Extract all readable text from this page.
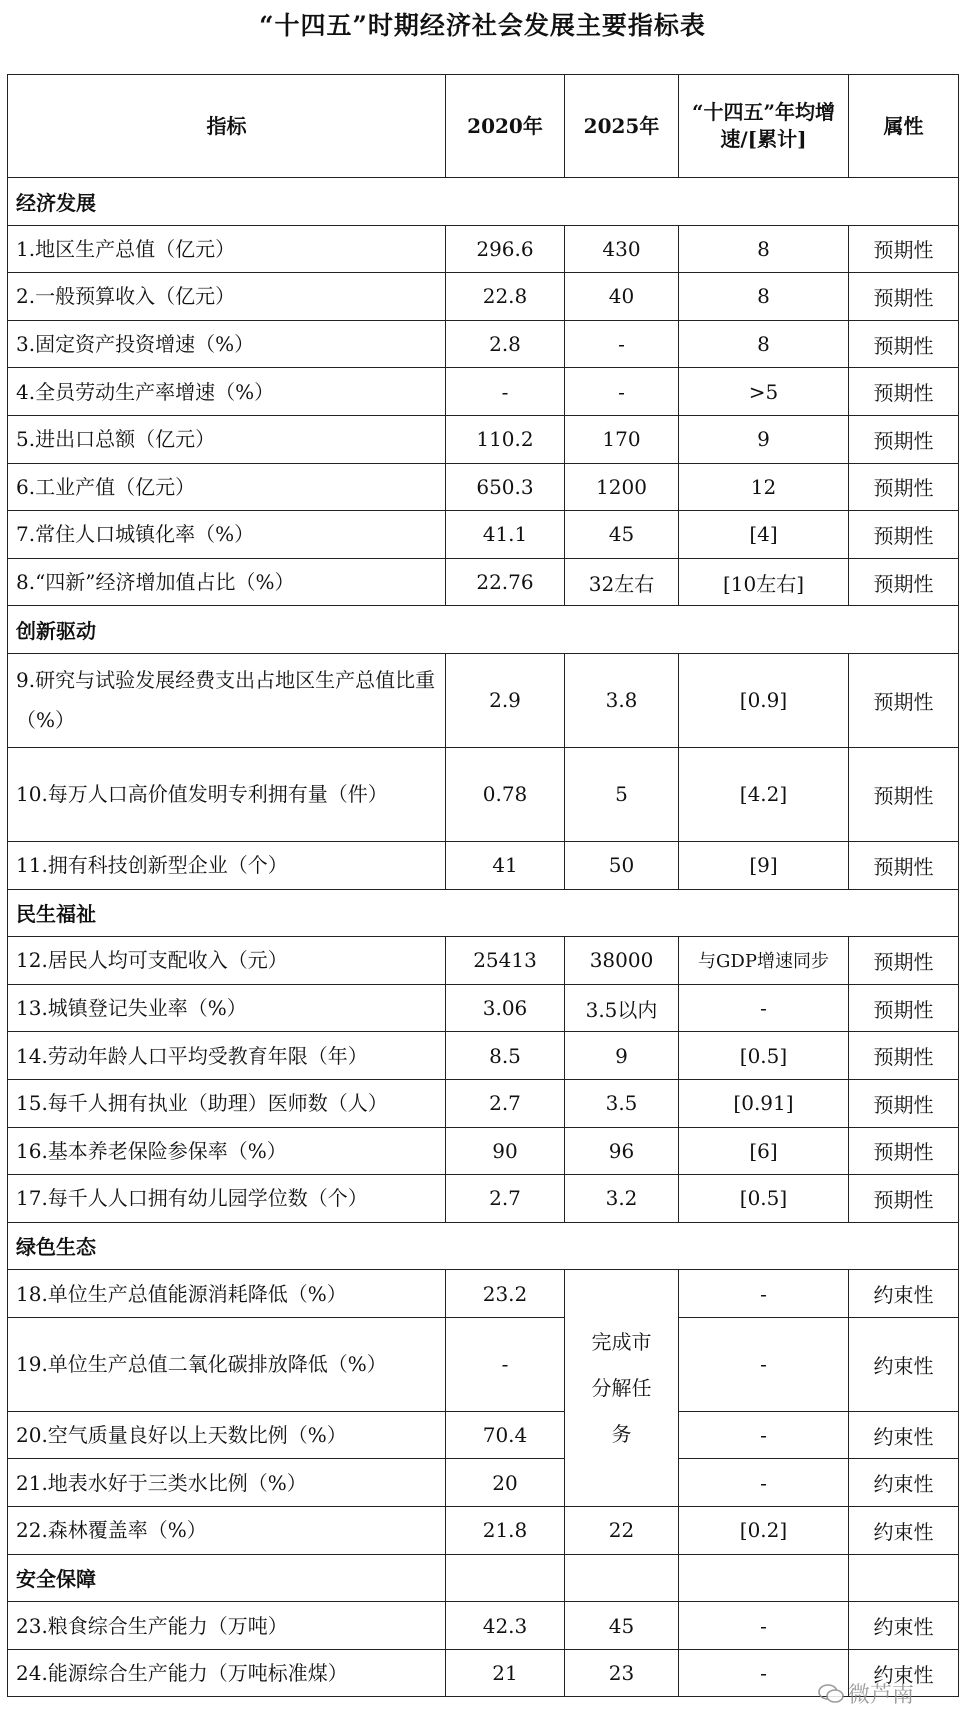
“十四五”时期经济社会发展主要指标表
指标	2020年	2025年	“十四五”年均增速/[累计]	属性
经济发展				
1.地区生产总值（亿元）	296.6	430	8	预期性
2.一般预算收入（亿元）	22.8	40	8	预期性
3.固定资产投资增速（%）	2.8	-	8	预期性
4.全员劳动生产率增速（%）	-	-	>5	预期性
5.进出口总额（亿元）	110.2	170	9	预期性
6.工业产值（亿元）	650.3	1200	12	预期性
7.常住人口城镇化率（%）	41.1	45	[4]	预期性
8.“四新”经济增加值占比（%）	22.76	32左右	[10左右]	预期性
创新驱动				
9.研究与试验发展经费支出占地区生产总值比重（%）	2.9	3.8	[0.9]	预期性
10.每万人口高价值发明专利拥有量（件）	0.78	5	[4.2]	预期性
11.拥有科技创新型企业（个）	41	50	[9]	预期性
民生福祉				
12.居民人均可支配收入（元）	25413	38000	与GDP增速同步	预期性
13.城镇登记失业率（%）	3.06	3.5以内	-	预期性
14.劳动年龄人口平均受教育年限（年）	8.5	9	[0.5]	预期性
15.每千人拥有执业（助理）医师数（人）	2.7	3.5	[0.91]	预期性
16.基本养老保险参保率（%）	90	96	[6]	预期性
17.每千人人口拥有幼儿园学位数（个）	2.7	3.2	[0.5]	预期性
绿色生态				
18.单位生产总值能源消耗降低（%）	23.2	完成市分解任务	-	约束性
19.单位生产总值二氧化碳排放降低（%）	-		-	约束性
20.空气质量良好以上天数比例（%）	70.4		-	约束性
21.地表水好于三类水比例（%）	20		-	约束性
22.森林覆盖率（%）	21.8	22	[0.2]	约束性
安全保障				
23.粮食综合生产能力（万吨）	42.3	45	-	约束性
24.能源综合生产能力（万吨标准煤）	21	23	-	约束性
微芦南
